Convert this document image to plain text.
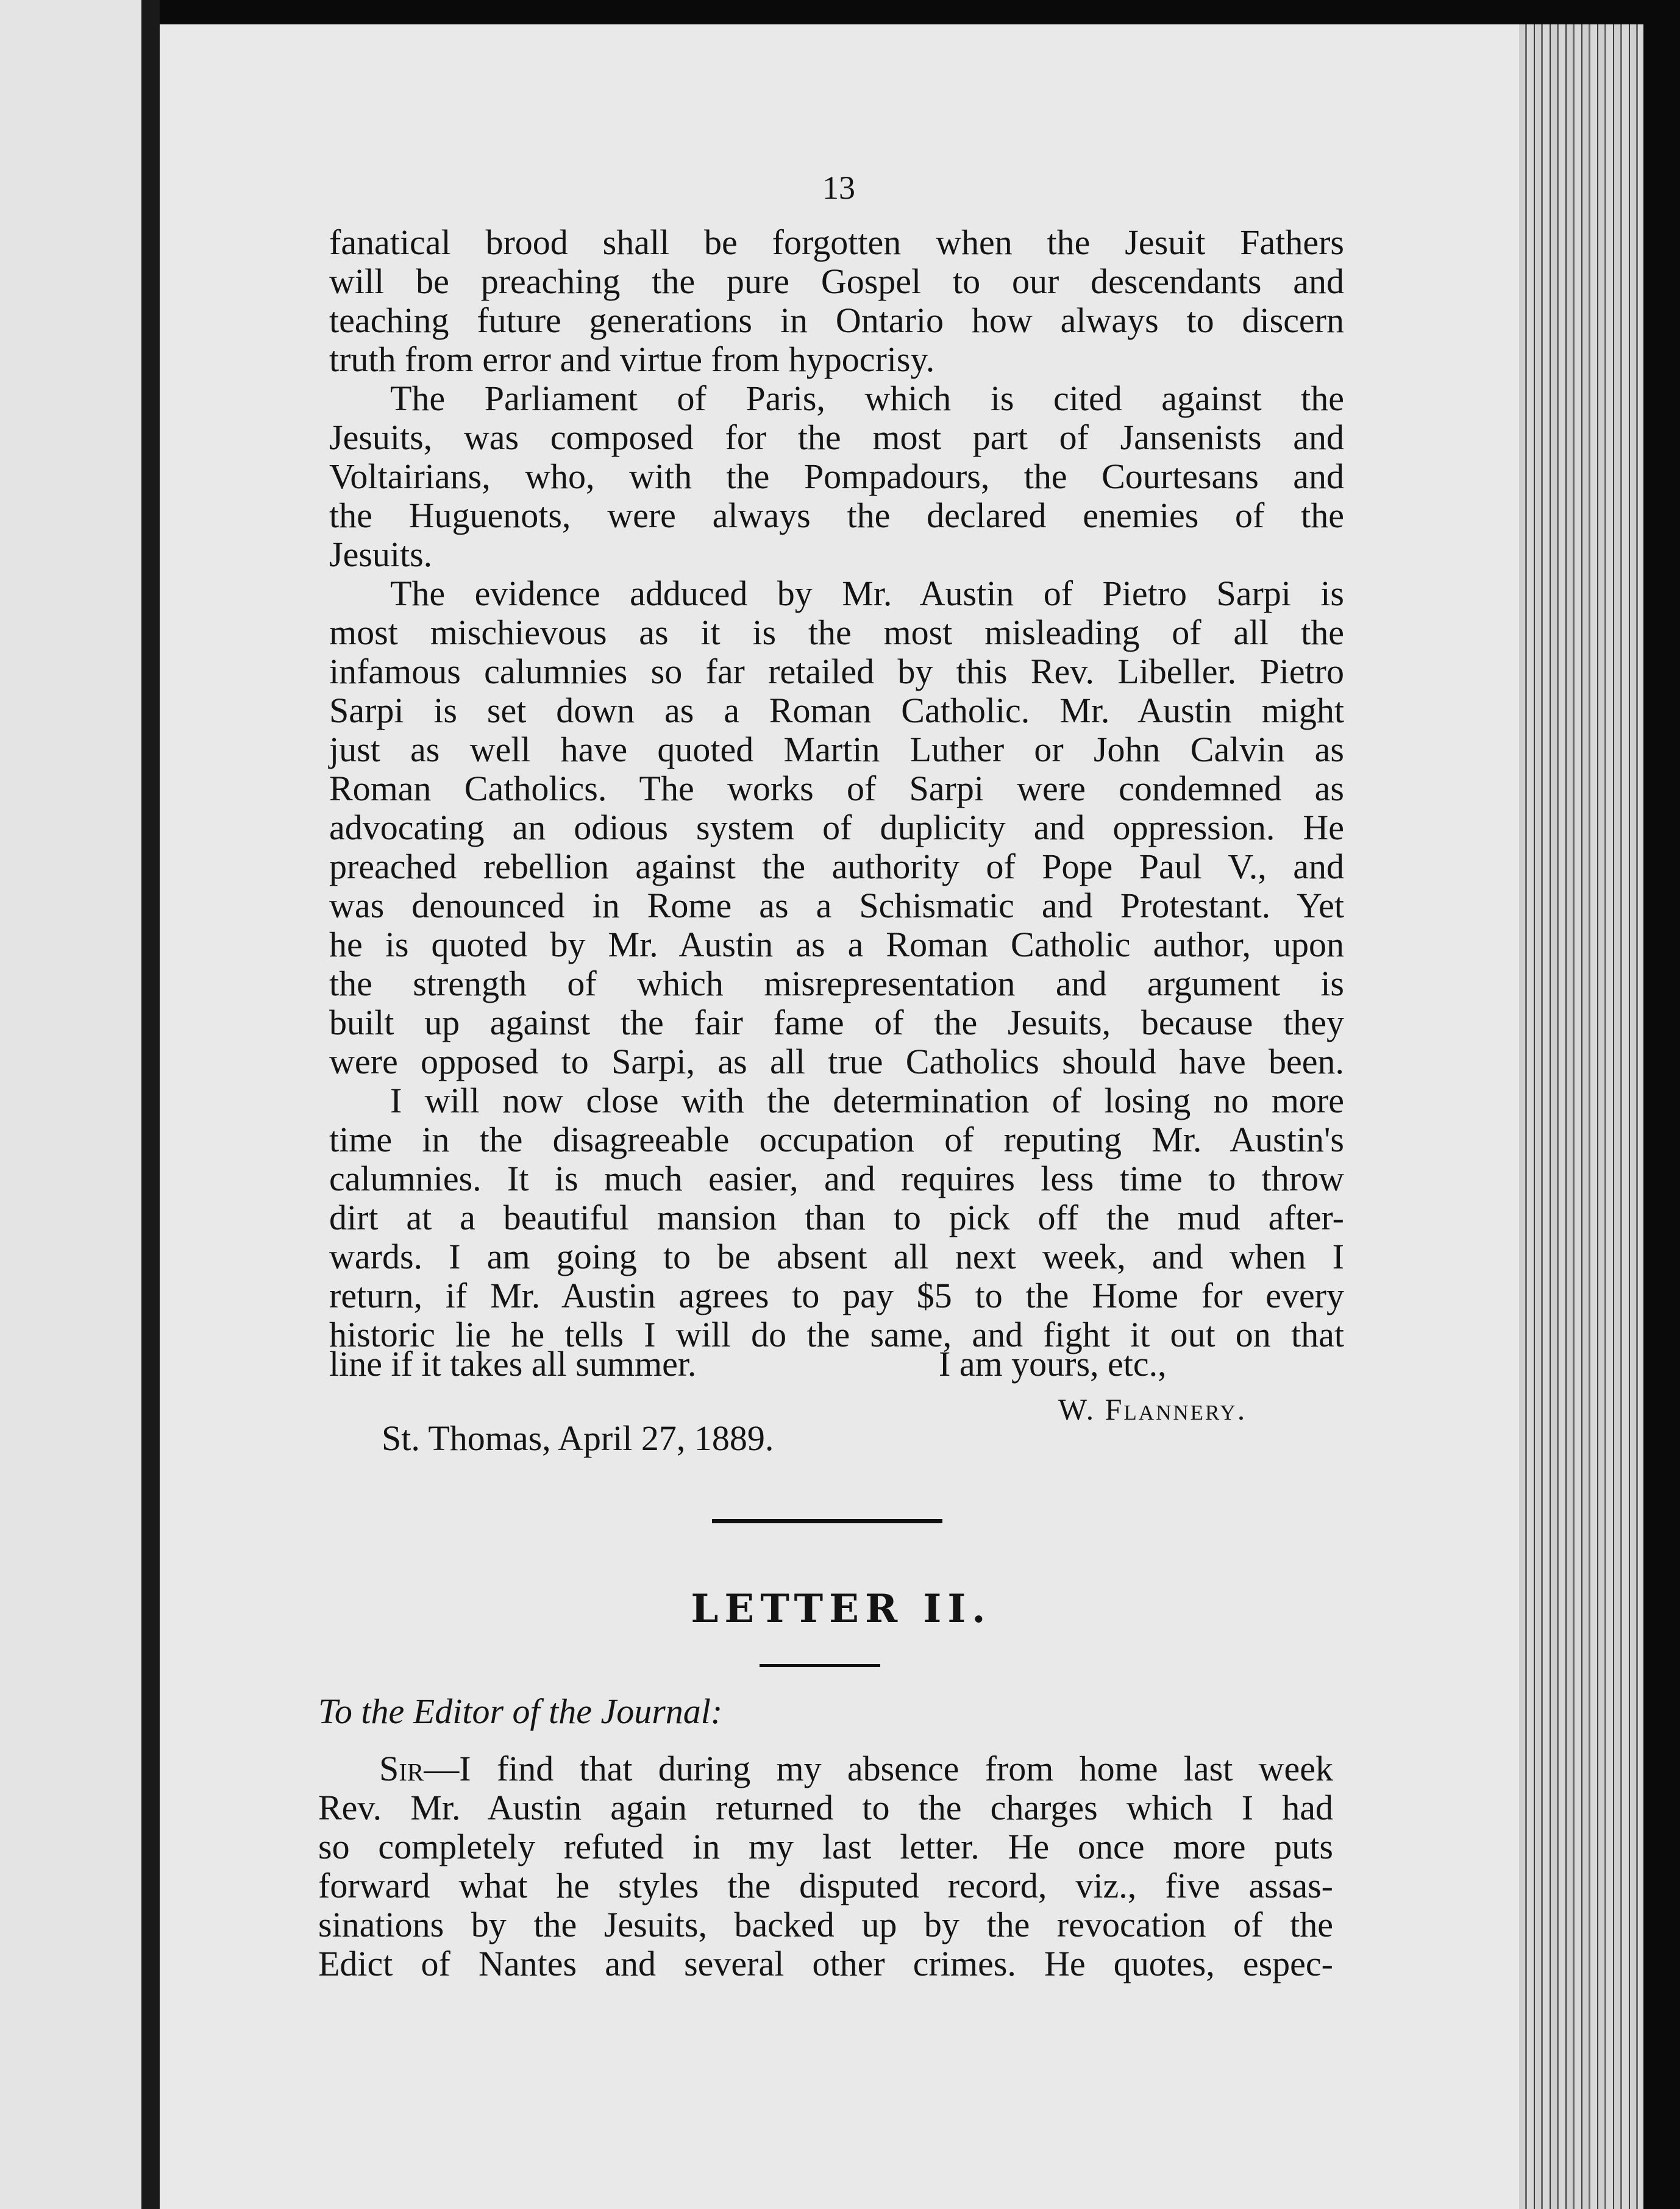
13
fanatical brood shall be forgotten when the Jesuit Fathers
will be preaching the pure Gospel to our descendants and
teaching future generations in Ontario how always to discern
truth from error and virtue from hypocrisy.
The Parliament of Paris, which is cited against the
Jesuits, was composed for the most part of Jansenists and
Voltairians, who, with the Pompadours, the Courtesans and
the Huguenots, were always the declared enemies of the
Jesuits.
The evidence adduced by Mr. Austin of Pietro Sarpi is
most mischievous as it is the most misleading of all the
infamous calumnies so far retailed by this Rev. Libeller. Pietro
Sarpi is set down as a Roman Catholic. Mr. Austin might
just as well have quoted Martin Luther or John Calvin as
Roman Catholics. The works of Sarpi were condemned as
advocating an odious system of duplicity and oppression. He
preached rebellion against the authority of Pope Paul V., and
was denounced in Rome as a Schismatic and Protestant. Yet
he is quoted by Mr. Austin as a Roman Catholic author, upon
the strength of which misrepresentation and argument is
built up against the fair fame of the Jesuits, because they
were opposed to Sarpi, as all true Catholics should have been.
I will now close with the determination of losing no more
time in the disagreeable occupation of reputing Mr. Austin's
calumnies. It is much easier, and requires less time to throw
dirt at a beautiful mansion than to pick off the mud after-
wards. I am going to be absent all next week, and when I
return, if Mr. Austin agrees to pay $5 to the Home for every
historic lie he tells I will do the same, and fight it out on that
line if it takes all summer.	I am yours, etc.,
W. Flannery.
St. Thomas, April 27, 1889.
LETTER II.
To the Editor of the Journal:
Sir—I find that during my absence from home last week
Rev. Mr. Austin again returned to the charges which I had
so completely refuted in my last letter. He once more puts
forward what he styles the disputed record, viz., five assas-
sinations by the Jesuits, backed up by the revocation of the
Edict of Nantes and several other crimes. He quotes, espec-
